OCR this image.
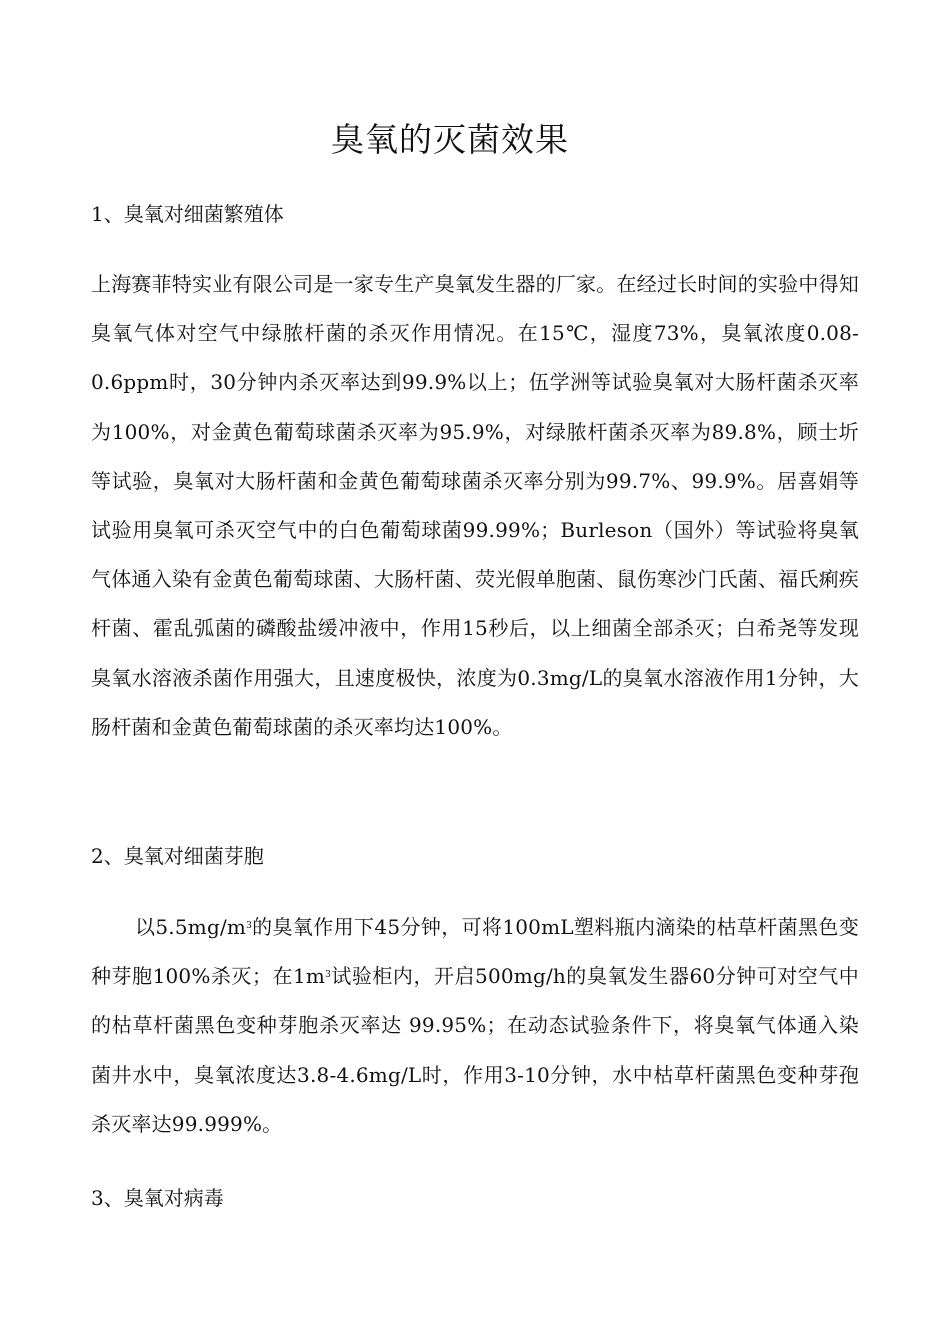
臭氧的灭菌效果
1、臭氧对细菌繁殖体
上海赛菲特实业有限公司是一家专生产臭氧发生器的厂家。在经过长时间的实验中得知臭氧气体对空气中绿脓杆菌的杀灭作用情况。在15℃，湿度73%，臭氧浓度0.08-0.6ppm时，30分钟内杀灭率达到99.9%以上；伍学洲等试验臭氧对大肠杆菌杀灭率为100%，对金黄色葡萄球菌杀灭率为95.9%，对绿脓杆菌杀灭率为89.8%，顾士圻等试验，臭氧对大肠杆菌和金黄色葡萄球菌杀灭率分别为99.7%、99.9%。居喜娟等试验用臭氧可杀灭空气中的白色葡萄球菌99.99%；Burleson（国外）等试验将臭氧气体通入染有金黄色葡萄球菌、大肠杆菌、荧光假单胞菌、鼠伤寒沙门氏菌、福氏痢疾杆菌、霍乱弧菌的磷酸盐缓冲液中，作用15秒后，以上细菌全部杀灭；白希尧等发现臭氧水溶液杀菌作用强大，且速度极快，浓度为0.3mg/L的臭氧水溶液作用1分钟，大肠杆菌和金黄色葡萄球菌的杀灭率均达100%。
2、臭氧对细菌芽胞
以$5.5mg/m^3$的臭氧作用下45分钟，可将100mL塑料瓶内滴染的枯草杆菌黑色变种芽胞100%杀灭；在$1m^3$试验柜内，开启500mg/h的臭氧发生器60分钟可对空气中的枯草杆菌黑色变种芽胞杀灭率达 99.95%；在动态试验条件下，将臭氧气体通入染菌井水中，臭氧浓度达3.8-4.6mg/L时，作用3-10分钟，水中枯草杆菌黑色变种芽孢杀灭率达99.999%。
3、臭氧对病毒
